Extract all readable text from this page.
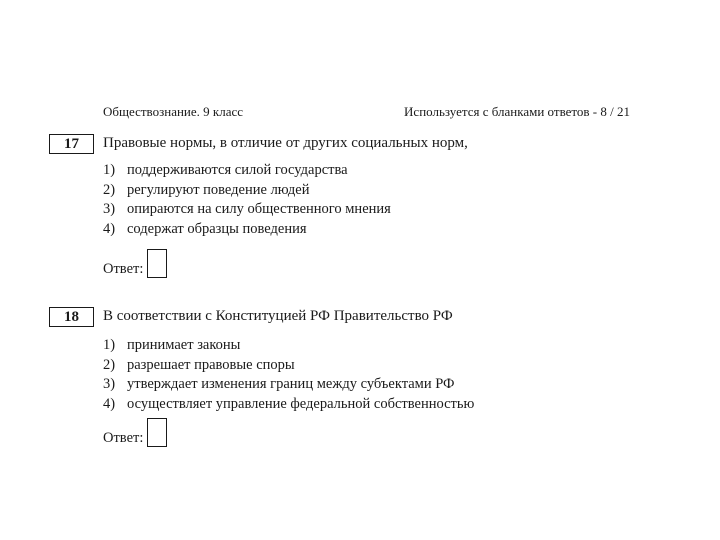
Обществознание. 9 класс	Используется с бланками ответов - 8 / 21
17	Правовые нормы, в отличие от других социальных норм,
1) поддерживаются силой государства
2) регулируют поведение людей
3) опираются на силу общественного мнения
4) содержат образцы поведения
Ответ:
18	В соответствии с Конституцией РФ Правительство РФ
1) принимает законы
2) разрешает правовые споры
3) утверждает изменения границ между субъектами РФ
4) осуществляет управление федеральной собственностью
Ответ:
